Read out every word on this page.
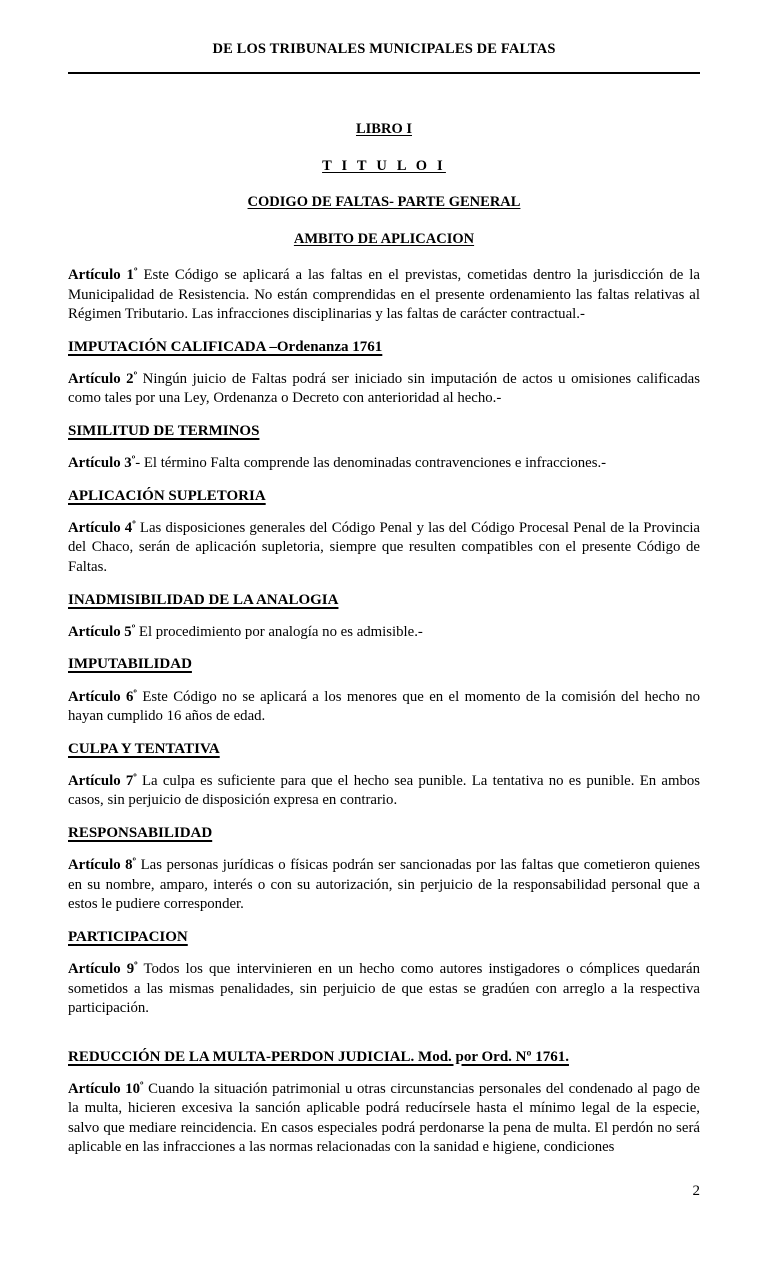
DE LOS TRIBUNALES MUNICIPALES DE FALTAS
LIBRO I
T I T U L O I
CODIGO DE FALTAS- PARTE GENERAL
AMBITO DE APLICACION

Artículo $1^º$ Este Código se aplicará a las faltas en el previstas, cometidas dentro la jurisdicción de la Municipalidad de Resistencia. No están comprendidas en el presente ordenamiento las faltas relativas al Régimen Tributario. Las infracciones disciplinarias y las faltas de carácter contractual.-

IMPUTACIÓN CALIFICADA –Ordenanza 1761

Artículo $2^º$ Ningún juicio de Faltas podrá ser iniciado sin imputación de actos u omisiones calificadas como tales por una Ley, Ordenanza o Decreto con anterioridad al hecho.-

SIMILITUD DE TERMINOS

Artículo $3^º-$ El término Falta comprende las denominadas contravenciones e infracciones.-

APLICACIÓN SUPLETORIA

Artículo $4^º$ Las disposiciones generales del Código Penal y las del Código Procesal Penal de la Provincia del Chaco, serán de aplicación supletoria, siempre que resulten compatibles con el presente Código de Faltas.

INADMISIBILIDAD DE LA ANALOGIA

Artículo $5^º$ El procedimiento por analogía no es admisible.-

IMPUTABILIDAD

Artículo $6^º$ Este Código no se aplicará a los menores que en el momento de la comisión del hecho no hayan cumplido 16 años de edad.

CULPA Y TENTATIVA

Artículo $7^º$ La culpa es suficiente para que el hecho sea punible. La tentativa no es punible. En ambos casos, sin perjuicio de disposición expresa en contrario.

RESPONSABILIDAD

Artículo $8^º$ Las personas jurídicas o físicas podrán ser sancionadas por las faltas que cometieron quienes en su nombre, amparo, interés o con su autorización, sin perjuicio de la responsabilidad personal que a estos le pudiere corresponder.

PARTICIPACION

Artículo $9^º$ Todos los que intervinieren en un hecho como autores instigadores o cómplices quedarán sometidos a las mismas penalidades, sin perjuicio de que estas se gradúen con arreglo a la respectiva participación.

REDUCCIÓN DE LA MULTA-PERDON JUDICIAL. Mod. por Ord. Nº 1761.

Artículo $10^º$ Cuando la situación patrimonial u otras circunstancias personales del condenado al pago de la multa, hicieren excesiva la sanción aplicable podrá reducírsele hasta el mínimo legal de la especie, salvo que mediare reincidencia. En casos especiales podrá perdonarse la pena de multa. El perdón no será aplicable en las infracciones a las normas relacionadas con la sanidad e higiene, condiciones

2
